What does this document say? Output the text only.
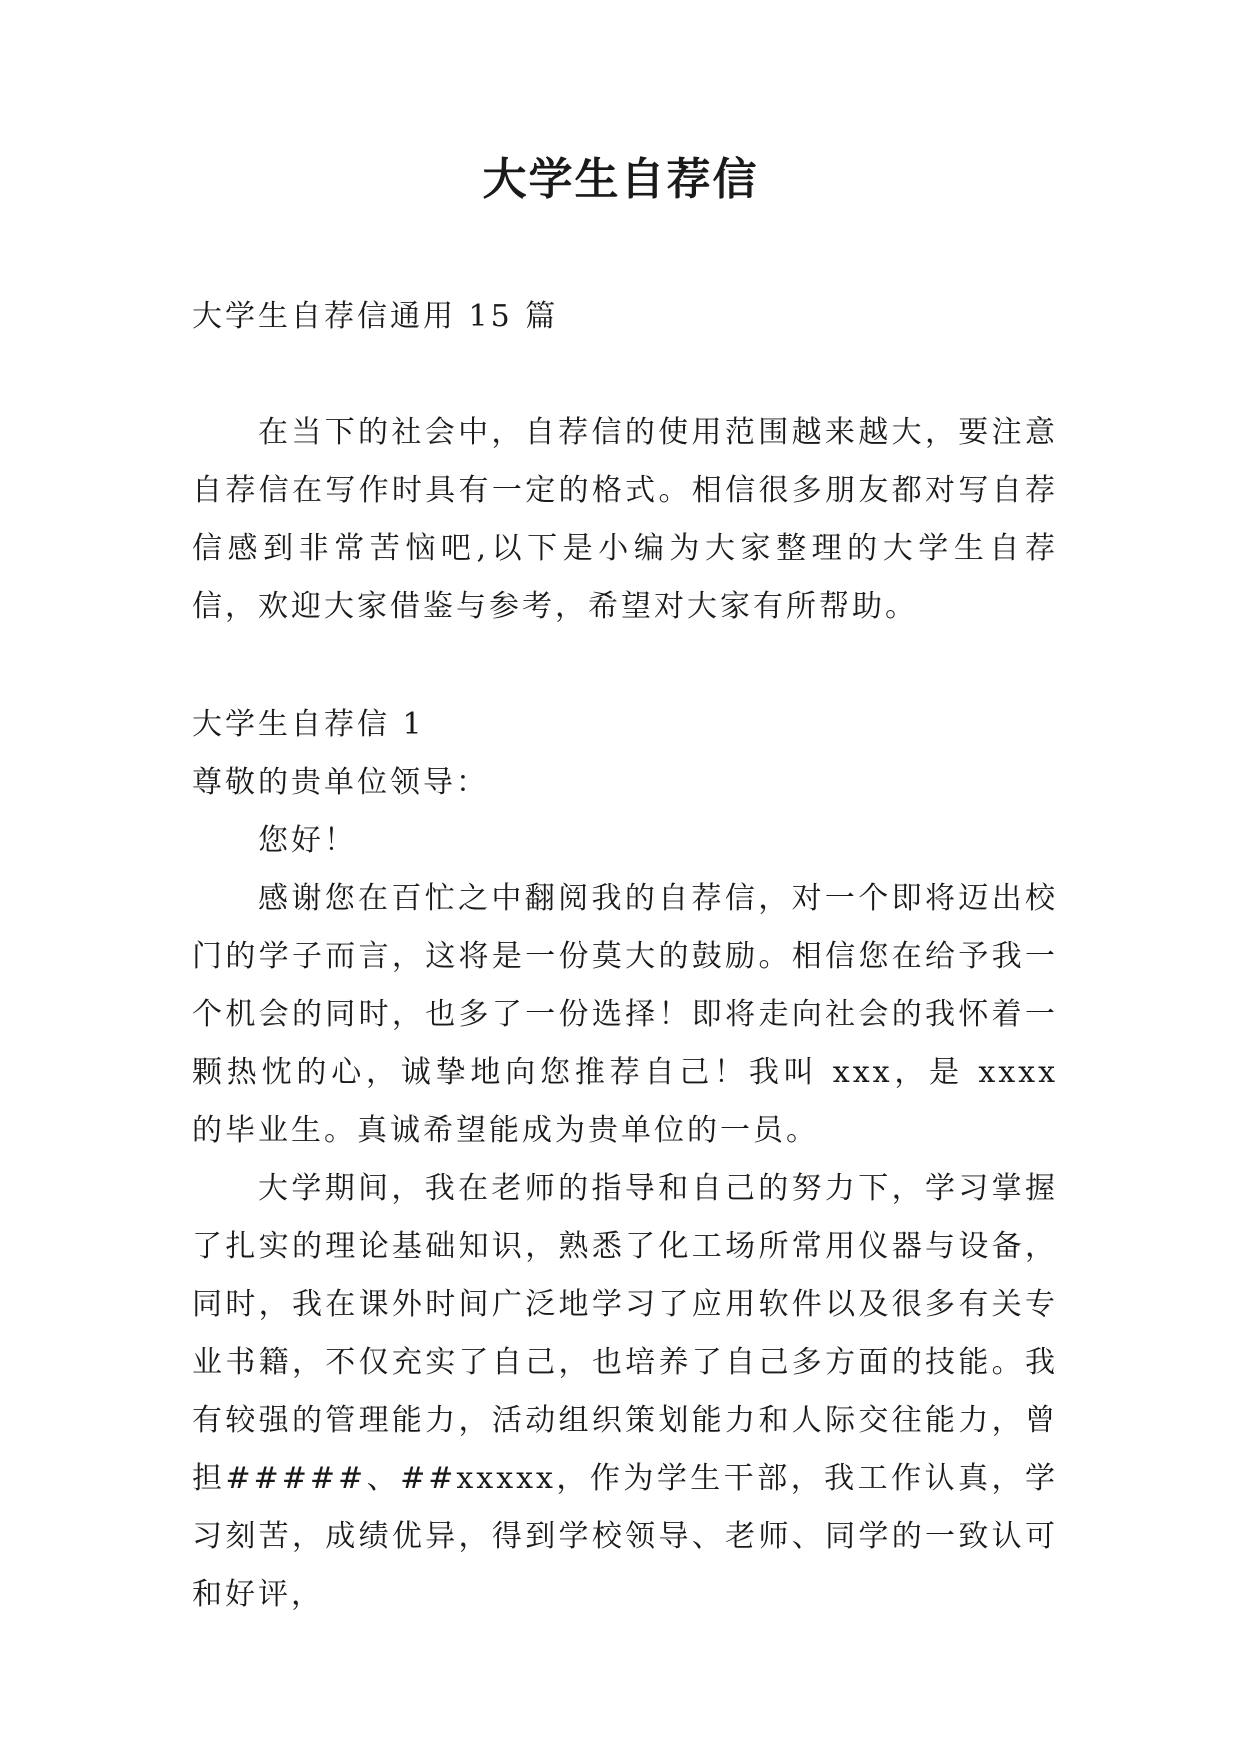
大学生自荐信
大学生自荐信通用 15 篇
在当下的社会中，自荐信的使用范围越来越大，要注意自荐信在写作时具有一定的格式。相信很多朋友都对写自荐信感到非常苦恼吧,以下是小编为大家整理的大学生自荐信，欢迎大家借鉴与参考，希望对大家有所帮助。

大学生自荐信 1

尊敬的贵单位领导：

您好！

感谢您在百忙之中翻阅我的自荐信，对一个即将迈出校门的学子而言，这将是一份莫大的鼓励。相信您在给予我一个机会的同时，也多了一份选择！即将走向社会的我怀着一颗热忱的心，诚挚地向您推荐自己！我叫 xxx，是 xxxx 的毕业生。真诚希望能成为贵单位的一员。

大学期间，我在老师的指导和自己的努力下，学习掌握了扎实的理论基础知识，熟悉了化工场所常用仪器与设备，同时，我在课外时间广泛地学习了应用软件以及很多有关专业书籍，不仅充实了自己，也培养了自己多方面的技能。我有较强的管理能力，活动组织策划能力和人际交往能力，曾担#####、##xxxxx，作为学生干部，我工作认真，学习刻苦，成绩优异，得到学校领导、老师、同学的一致认可和好评，
